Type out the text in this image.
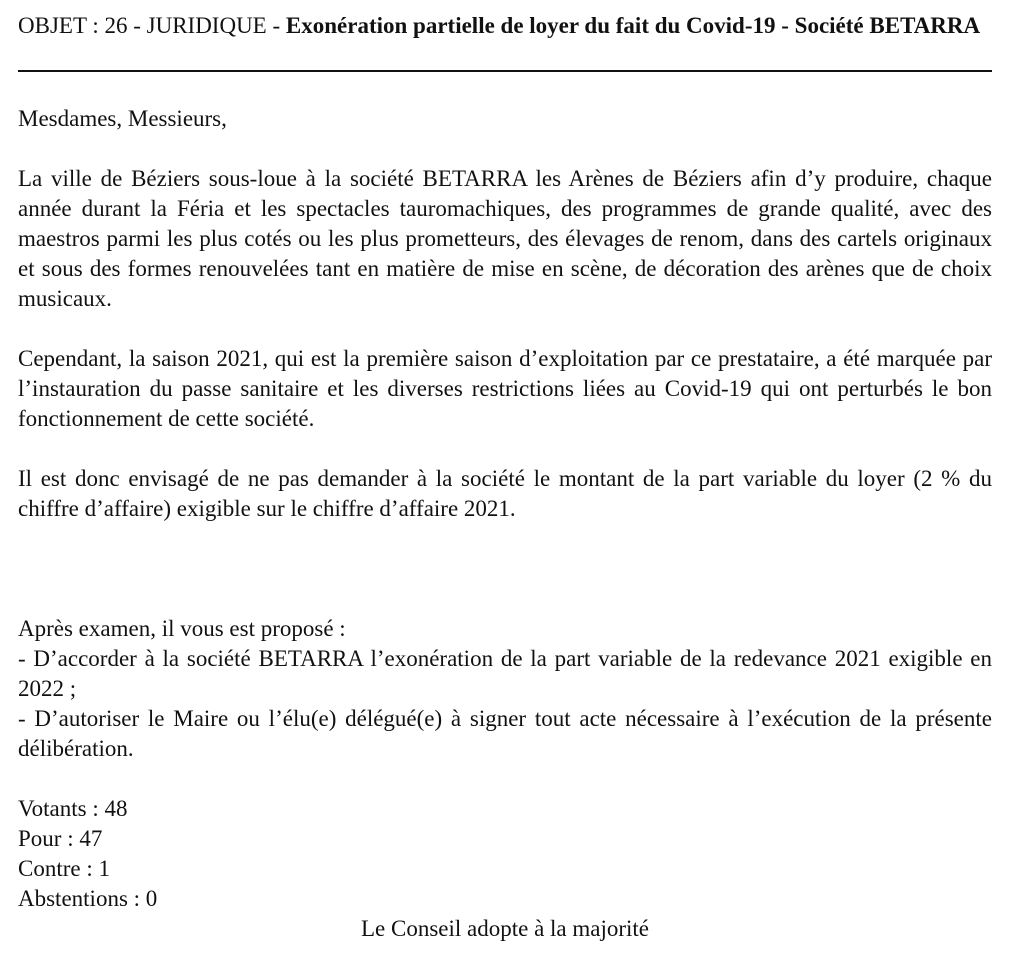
OBJET : 26 - JURIDIQUE - Exonération partielle de loyer du fait du Covid-19 - Société BETARRA

Mesdames, Messieurs,

La ville de Béziers sous-loue à la société BETARRA les Arènes de Béziers afin d’y produire, chaque année durant la Féria et les spectacles tauromachiques, des programmes de grande qualité, avec des maestros parmi les plus cotés ou les plus prometteurs, des élevages de renom, dans des cartels originaux et sous des formes renouvelées tant en matière de mise en scène, de décoration des arènes que de choix musicaux.

Cependant, la saison 2021, qui est la première saison d’exploitation par ce prestataire, a été marquée par l’instauration du passe sanitaire et les diverses restrictions liées au Covid-19 qui ont perturbés le bon fonctionnement de cette société.

Il est donc envisagé de ne pas demander à la société le montant de la part variable du loyer (2 % du chiffre d’affaire) exigible sur le chiffre d’affaire 2021.

Après examen, il vous est proposé :

- D’accorder à la société BETARRA l’exonération de la part variable de la redevance 2021 exigible en 2022 ;

- D’autoriser le Maire ou l’élu(e) délégué(e) à signer tout acte nécessaire à l’exécution de la présente délibération.

Votants : 48
Pour : 47
Contre : 1
Abstentions : 0

Le Conseil adopte à la majorité
